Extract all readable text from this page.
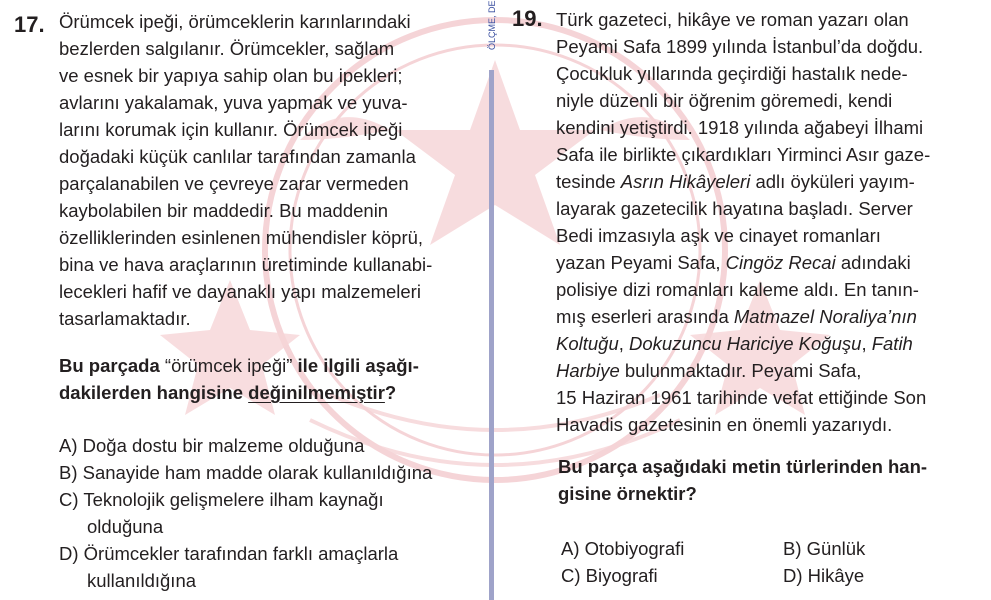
ÖLÇME, DE
17. Örümcek ipeği, örümceklerin karınlarındaki
bezlerden salgılanır. Örümcekler, sağlam
ve esnek bir yapıya sahip olan bu ipekleri;
avlarını yakalamak, yuva yapmak ve yuva-
larını korumak için kullanır. Örümcek ipeği
doğadaki küçük canlılar tarafından zamanla
parçalanabilen ve çevreye zarar vermeden
kaybolabilen bir maddedir. Bu maddenin
özelliklerinden esinlenen mühendisler köprü,
bina ve hava araçlarının üretiminde kullanabi-
lecekleri hafif ve dayanaklı yapı malzemeleri
tasarlamaktadır.
Bu parçada “örümcek ipeği” ile ilgili aşağı-
dakilerden hangisine değinilmemiştir?
A) Doğa dostu bir malzeme olduğuna
B) Sanayide ham madde olarak kullanıldığına
C) Teknolojik gelişmelere ilham kaynağı
olduğuna
D) Örümcekler tarafından farklı amaçlarla
kullanıldığına
19. Türk gazeteci, hikâye ve roman yazarı olan
Peyami Safa 1899 yılında İstanbul’da doğdu.
Çocukluk yıllarında geçirdiği hastalık nede-
niyle düzenli bir öğrenim göremedi, kendi
kendini yetiştirdi. 1918 yılında ağabeyi İlhami
Safa ile birlikte çıkardıkları Yirminci Asır gaze-
tesinde Asrın Hikâyeleri adlı öyküleri yayım-
layarak gazetecilik hayatına başladı. Server
Bedi imzasıyla aşk ve cinayet romanları
yazan Peyami Safa, Cingöz Recai adındaki
polisiye dizi romanları kaleme aldı. En tanın-
mış eserleri arasında Matmazel Noraliya’nın
Koltuğu, Dokuzuncu Hariciye Koğuşu, Fatih
Harbiye bulunmaktadır. Peyami Safa,
15 Haziran 1961 tarihinde vefat ettiğinde Son
Havadis gazetesinin en önemli yazarıydı.
Bu parça aşağıdaki metin türlerinden han-
gisine örnektir?
A) Otobiyografi	B) Günlük
C) Biyografi	D) Hikâye
